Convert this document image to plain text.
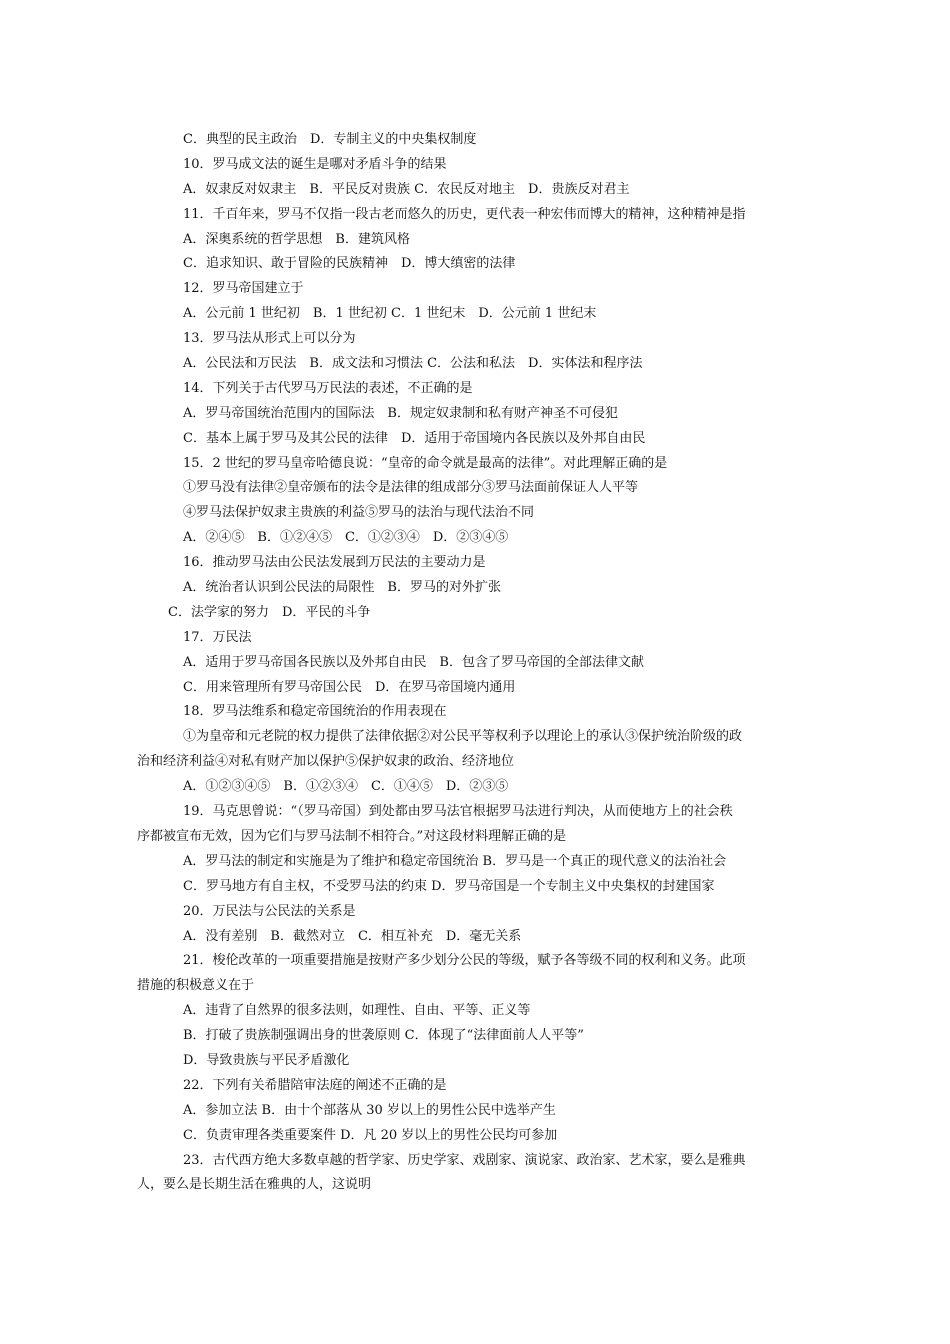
C．典型的民主政治　D．专制主义的中央集权制度
10．罗马成文法的诞生是哪对矛盾斗争的结果
A．奴隶反对奴隶主　B．平民反对贵族 C．农民反对地主　D．贵族反对君主
11．千百年来，罗马不仅指一段古老而悠久的历史，更代表一种宏伟而博大的精神，这种精神是指
A．深奥系统的哲学思想　B．建筑风格
C．追求知识、敢于冒险的民族精神　D．博大缜密的法律
12．罗马帝国建立于
A．公元前 1 世纪初　B．1 世纪初 C．1 世纪末　D．公元前 1 世纪末
13．罗马法从形式上可以分为
A．公民法和万民法　B．成文法和习惯法 C．公法和私法　D．实体法和程序法
14．下列关于古代罗马万民法的表述，不正确的是
A．罗马帝国统治范围内的国际法　B．规定奴隶制和私有财产神圣不可侵犯
C．基本上属于罗马及其公民的法律　D．适用于帝国境内各民族以及外邦自由民
15．2 世纪的罗马皇帝哈德良说：“皇帝的命令就是最高的法律”。对此理解正确的是
①罗马没有法律②皇帝颁布的法令是法律的组成部分③罗马法面前保证人人平等
④罗马法保护奴隶主贵族的利益⑤罗马的法治与现代法治不同
A．②④⑤　B．①②④⑤　C．①②③④　D．②③④⑤
16．推动罗马法由公民法发展到万民法的主要动力是
A．统治者认识到公民法的局限性　B．罗马的对外扩张
C．法学家的努力　D．平民的斗争
17．万民法
A．适用于罗马帝国各民族以及外邦自由民　B．包含了罗马帝国的全部法律文献
C．用来管理所有罗马帝国公民　D．在罗马帝国境内通用
18．罗马法维系和稳定帝国统治的作用表现在
①为皇帝和元老院的权力提供了法律依据②对公民平等权利予以理论上的承认③保护统治阶级的政
治和经济利益④对私有财产加以保护⑤保护奴隶的政治、经济地位
A．①②③④⑤　B．①②③④　C．①④⑤　D．②③⑤
19．马克思曾说：“（罗马帝国）到处都由罗马法官根据罗马法进行判决，从而使地方上的社会秩
序都被宣布无效，因为它们与罗马法制不相符合。”对这段材料理解正确的是
A．罗马法的制定和实施是为了维护和稳定帝国统治 B．罗马是一个真正的现代意义的法治社会
C．罗马地方有自主权，不受罗马法的约束 D．罗马帝国是一个专制主义中央集权的封建国家
20．万民法与公民法的关系是
A．没有差别　B．截然对立　C．相互补充　D．毫无关系
21．梭伦改革的一项重要措施是按财产多少划分公民的等级，赋予各等级不同的权利和义务。此项
措施的积极意义在于
A．违背了自然界的很多法则，如理性、自由、平等、正义等
B．打破了贵族制强调出身的世袭原则 C．体现了“法律面前人人平等”
D．导致贵族与平民矛盾激化
22．下列有关希腊陪审法庭的阐述不正确的是
A．参加立法 B．由十个部落从 30 岁以上的男性公民中选举产生
C．负责审理各类重要案件 D．凡 20 岁以上的男性公民均可参加
23．古代西方绝大多数卓越的哲学家、历史学家、戏剧家、演说家、政治家、艺术家，要么是雅典
人，要么是长期生活在雅典的人，这说明
